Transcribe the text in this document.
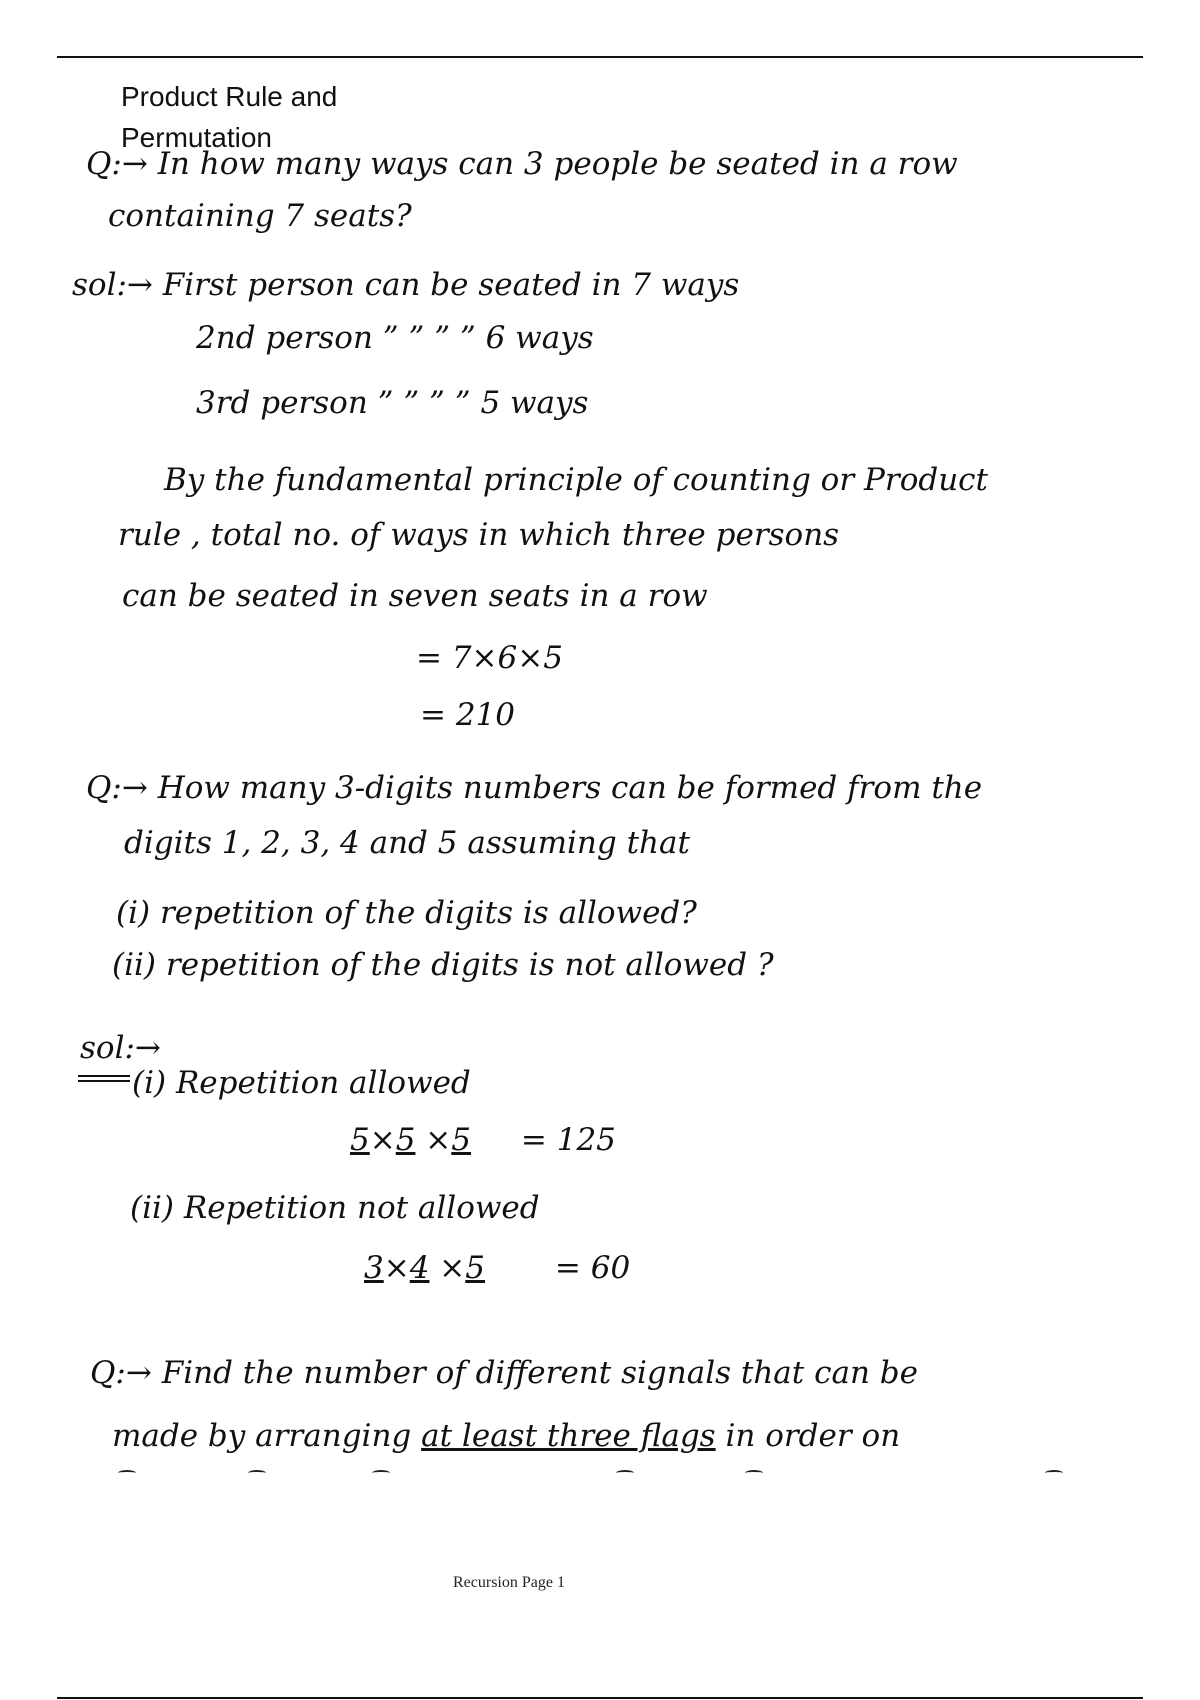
Product Rule and
Permutation
Q:→ In how many ways can 3 people be seated in a row
containing 7 seats?
sol:→ First person can be seated in 7 ways
2nd person ” ” ” ” 6 ways
3rd person ” ” ” ” 5 ways
By the fundamental principle of counting or Product
rule , total no. of ways in which three persons
can be seated in seven seats in a row
= 7×6×5
= 210
Q:→ How many 3-digits numbers can be formed from the
digits 1, 2, 3, 4 and 5 assuming that
(i) repetition of the digits is allowed?
(ii) repetition of the digits is not allowed ?
sol:→
(i) Repetition allowed
5×5 ×5 = 125
(ii) Repetition not allowed
3×4 ×5 = 60
Q:→ Find the number of different signals that can be
made by arranging at least three flags in order on
Recursion Page 1
